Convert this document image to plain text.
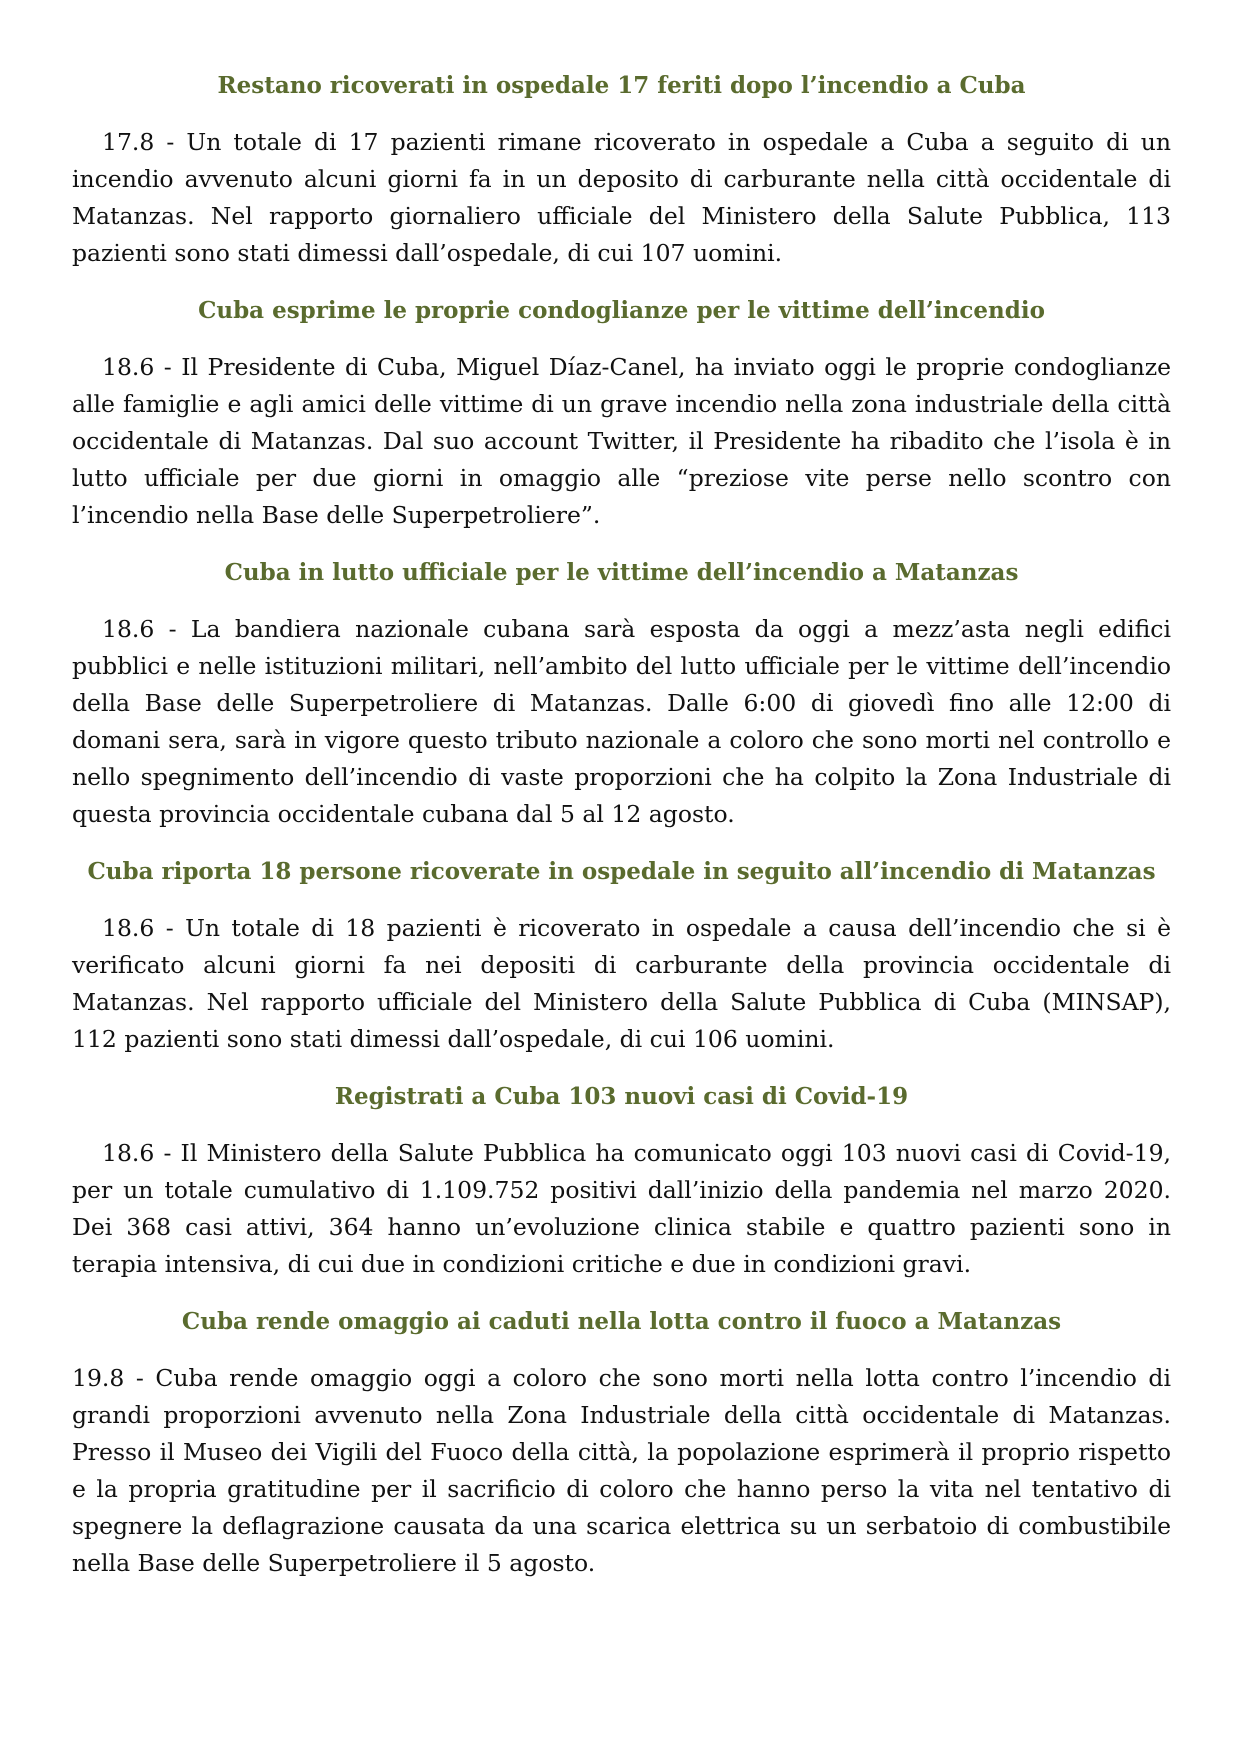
Restano ricoverati in ospedale 17 feriti dopo l’incendio a Cuba

17.8 - Un totale di 17 pazienti rimane ricoverato in ospedale a Cuba a seguito di un incendio avvenuto alcuni giorni fa in un deposito di carburante nella città occidentale di Matanzas. Nel rapporto giornaliero ufficiale del Ministero della Salute Pubblica, 113 pazienti sono stati dimessi dall’ospedale, di cui 107 uomini.

Cuba esprime le proprie condoglianze per le vittime dell’incendio

18.6 - Il Presidente di Cuba, Miguel Díaz-Canel, ha inviato oggi le proprie condoglianze alle famiglie e agli amici delle vittime di un grave incendio nella zona industriale della città occidentale di Matanzas. Dal suo account Twitter, il Presidente ha ribadito che l’isola è in lutto ufficiale per due giorni in omaggio alle “preziose vite perse nello scontro con l’incendio nella Base delle Superpetroliere”.

Cuba in lutto ufficiale per le vittime dell’incendio a Matanzas

18.6 - La bandiera nazionale cubana sarà esposta da oggi a mezz’asta negli edifici pubblici e nelle istituzioni militari, nell’ambito del lutto ufficiale per le vittime dell’incendio della Base delle Superpetroliere di Matanzas. Dalle 6:00 di giovedì fino alle 12:00 di domani sera, sarà in vigore questo tributo nazionale a coloro che sono morti nel controllo e nello spegnimento dell’incendio di vaste proporzioni che ha colpito la Zona Industriale di questa provincia occidentale cubana dal 5 al 12 agosto.

Cuba riporta 18 persone ricoverate in ospedale in seguito all’incendio di Matanzas

18.6 - Un totale di 18 pazienti è ricoverato in ospedale a causa dell’incendio che si è verificato alcuni giorni fa nei depositi di carburante della provincia occidentale di Matanzas. Nel rapporto ufficiale del Ministero della Salute Pubblica di Cuba (MINSAP), 112 pazienti sono stati dimessi dall’ospedale, di cui 106 uomini.

Registrati a Cuba 103 nuovi casi di Covid-19

18.6 - Il Ministero della Salute Pubblica ha comunicato oggi 103 nuovi casi di Covid-19, per un totale cumulativo di 1.109.752 positivi dall’inizio della pandemia nel marzo 2020. Dei 368 casi attivi, 364 hanno un’evoluzione clinica stabile e quattro pazienti sono in terapia intensiva, di cui due in condizioni critiche e due in condizioni gravi.

Cuba rende omaggio ai caduti nella lotta contro il fuoco a Matanzas

19.8 - Cuba rende omaggio oggi a coloro che sono morti nella lotta contro l’incendio di grandi proporzioni avvenuto nella Zona Industriale della città occidentale di Matanzas. Presso il Museo dei Vigili del Fuoco della città, la popolazione esprimerà il proprio rispetto e la propria gratitudine per il sacrificio di coloro che hanno perso la vita nel tentativo di spegnere la deflagrazione causata da una scarica elettrica su un serbatoio di combustibile nella Base delle Superpetroliere il 5 agosto.
